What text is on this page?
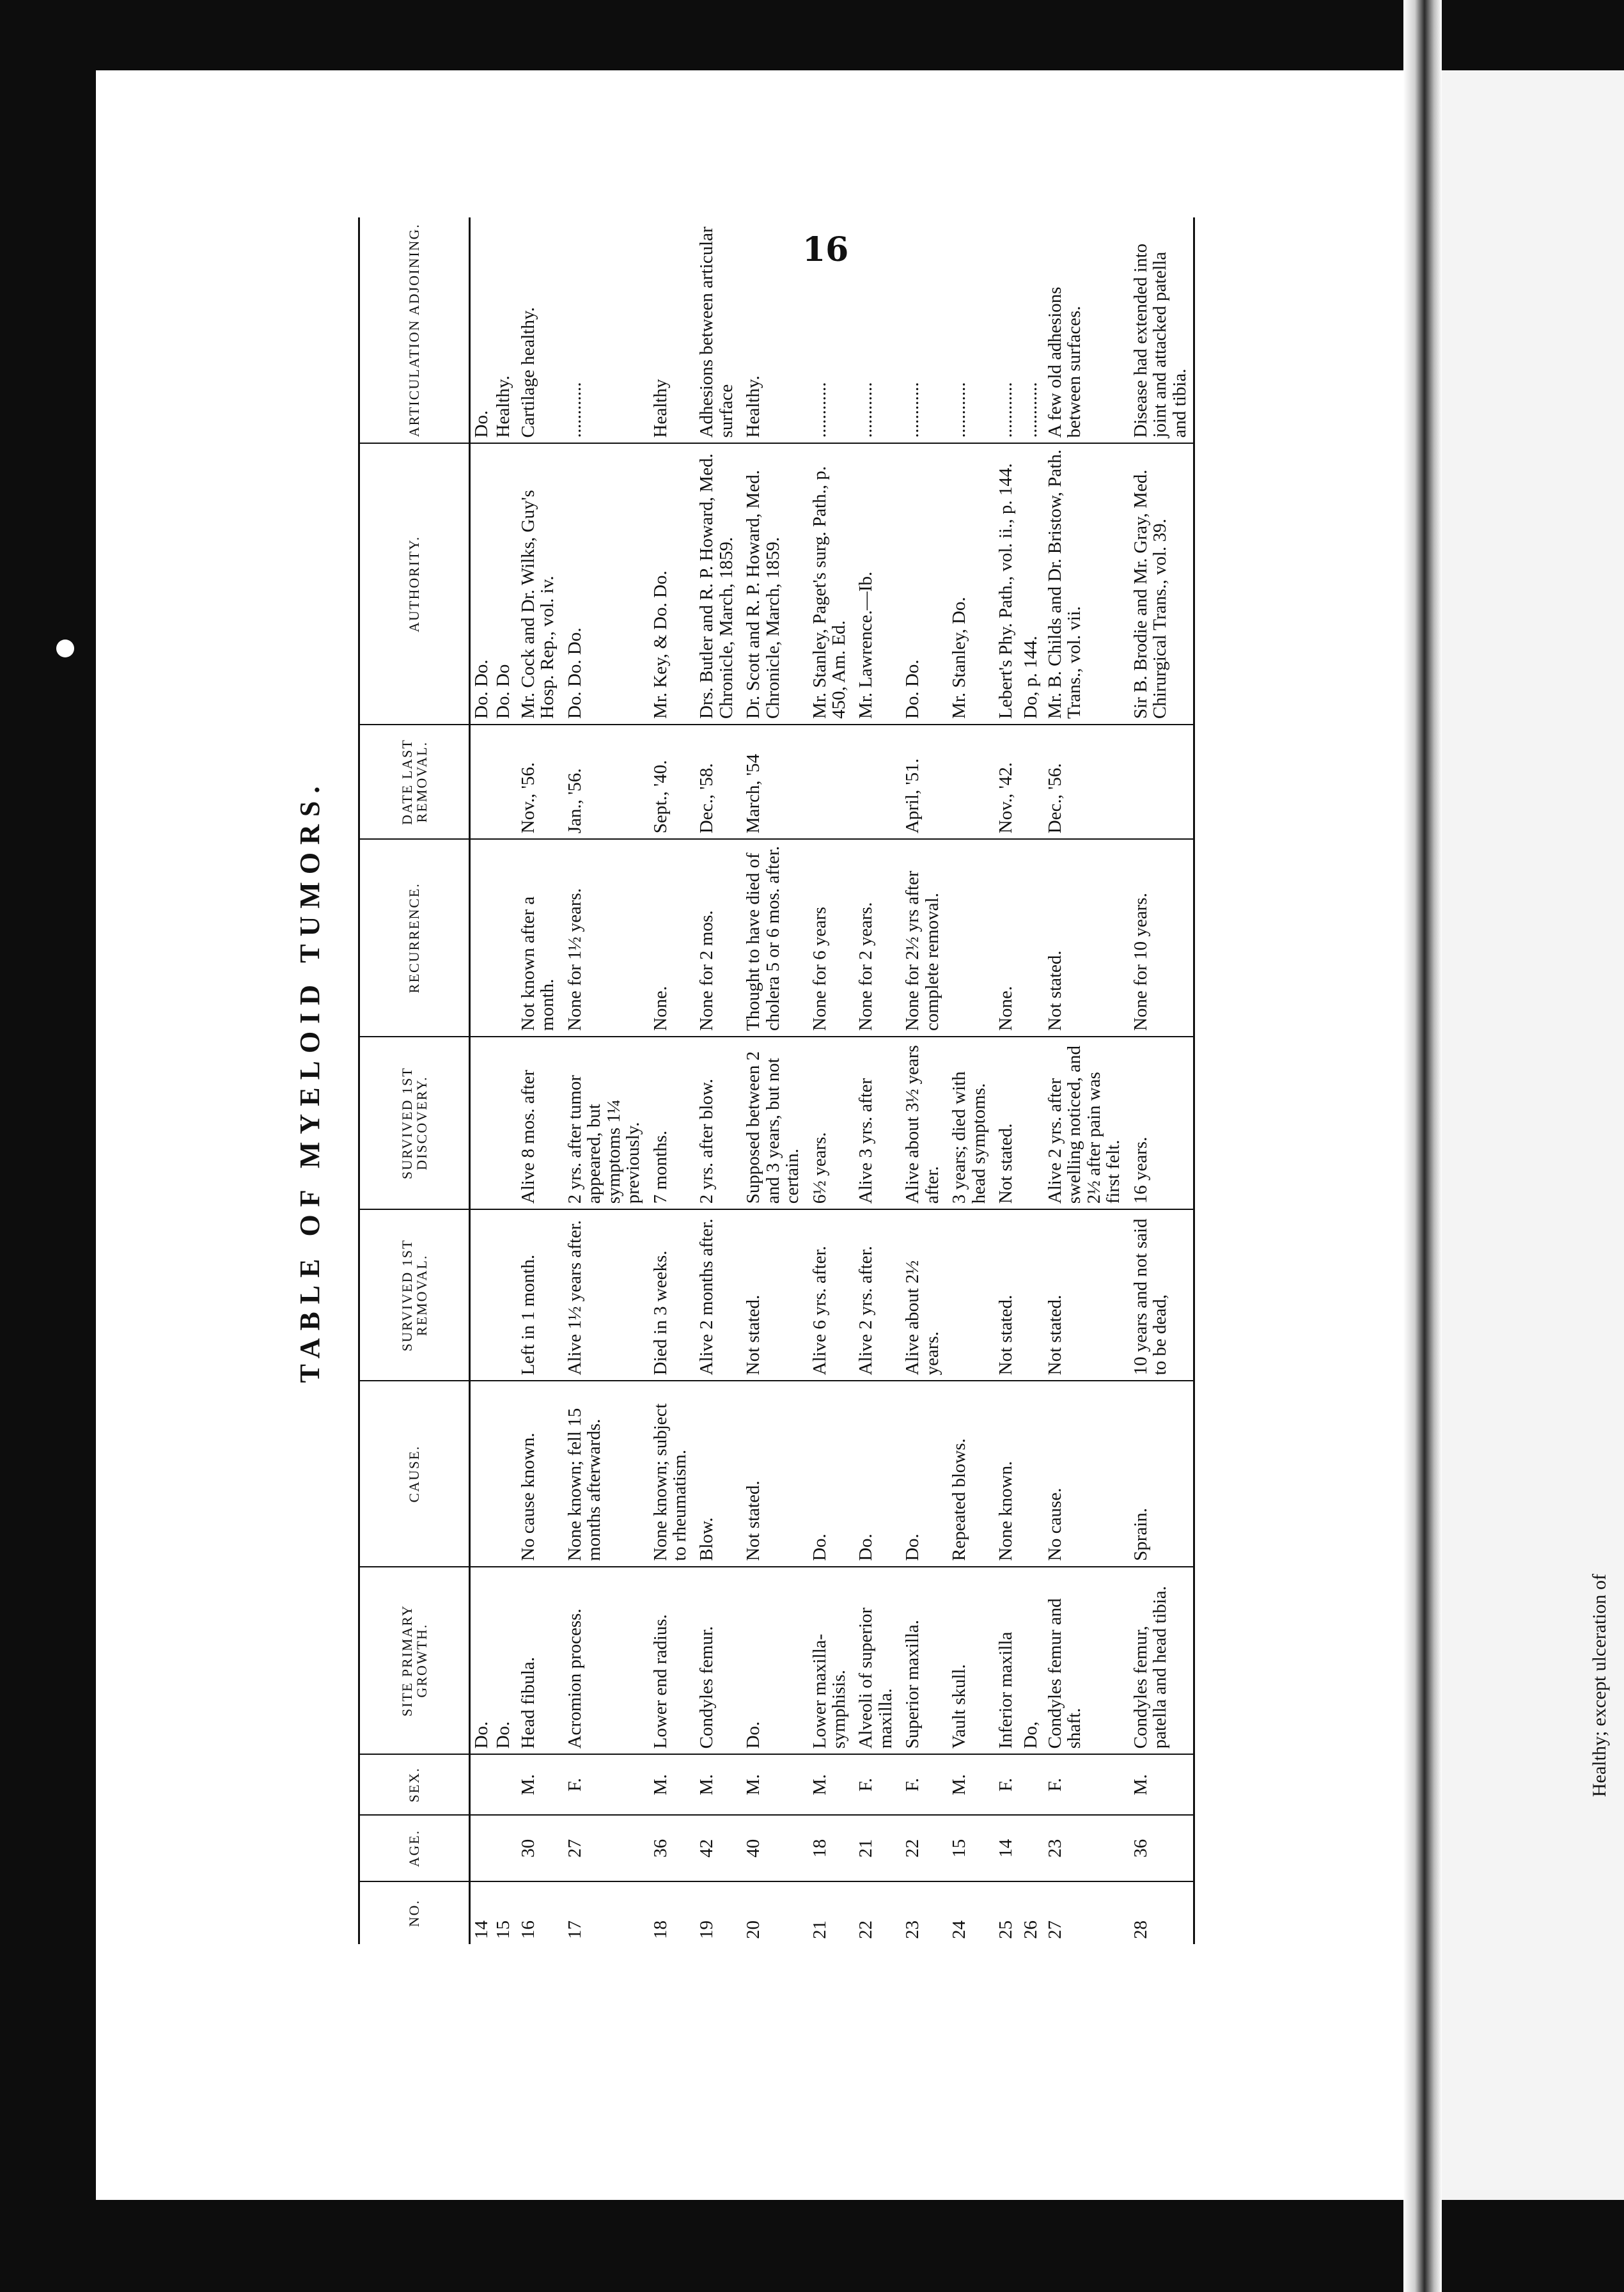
Healthy; except ulceration of
16
TABLE OF MYELOID TUMORS.
NO.	AGE.	SEX.	SITE PRIMARY GROWTH.	CAUSE.	SURVIVED 1ST REMOVAL.	SURVIVED 1ST DISCOVERY.	RECURRENCE.	DATE LAST REMOVAL.	AUTHORITY.	ARTICULATION ADJOINING.
14			Do.						Do. Do.	Do.
15			Do.						Do. Do	Healthy.
16	30	M.	Head fibula.	No cause known.	Left in 1 month.	Alive 8 mos. after	Not known after a month.	Nov., '56.	Mr. Cock and Dr. Wilks, Guy's Hosp. Rep., vol. iv.	Cartilage healthy.
17	27	F.	Acromion process.	None known; fell 15 months afterwards.	Alive 1½ years after.	2 yrs. after tumor appeared, but symptoms 1¼ previously.	None for 1½ years.	Jan., '56.	Do. Do. Do.	............
18	36	M.	Lower end radius.	None known; subject to rheumatism.	Died in 3 weeks.	7 months.	None.	Sept., '40.	Mr. Key, & Do. Do.	Healthy
19	42	M.	Condyles femur.	Blow.	Alive 2 months after.	2 yrs. after blow.	None for 2 mos.	Dec., '58.	Drs. Butler and R. P. Howard, Med. Chronicle, March, 1859.	Adhesions between articular surface
20	40	M.	Do.	Not stated.	Not stated.	Supposed between 2 and 3 years, but not certain.	Thought to have died of cholera 5 or 6 mos. after.	March, '54	Dr. Scott and R. P. Howard, Med. Chronicle, March, 1859.	Healthy.
21	18	M.	Lower maxilla-symphisis.	Do.	Alive 6 yrs. after.	6½ years.	None for 6 years		Mr. Stanley, Paget's surg. Path., p. 450, Am. Ed.	............
22	21	F.	Alveoli of superior maxilla.	Do.	Alive 2 yrs. after.	Alive 3 yrs. after	None for 2 years.		Mr. Lawrence.—Ib.	............
23	22	F.	Superior maxilla.	Do.	Alive about 2½ years.	Alive about 3½ years after.	None for 2½ yrs after complete removal.	April, '51.	Do. Do.	............
24	15	M.	Vault skull.	Repeated blows.		3 years; died with head symptoms.			Mr. Stanley, Do.	............
25	14	F.	Inferior maxilla	None known.	Not stated.	Not stated.	None.	Nov., '42.	Lebert's Phy. Path., vol. ii., p. 144.	............
26			Do,						Do, p. 144.	............
27	23	F.	Condyles femur and shaft.	No cause.	Not stated.	Alive 2 yrs. after swelling noticed, and 2½ after pain was first felt.	Not stated.	Dec., '56.	Mr. B. Childs and Dr. Bristow, Path. Trans., vol. vii.	A few old adhesions between surfaces.
28	36	M.	Condyles femur, patella and head tibia.	Sprain.	10 years and not said to be dead,	16 years.	None for 10 years.		Sir B. Brodie and Mr. Gray, Med. Chirurgical Trans., vol. 39.	Disease had extended into joint and attacked patella and tibia.
